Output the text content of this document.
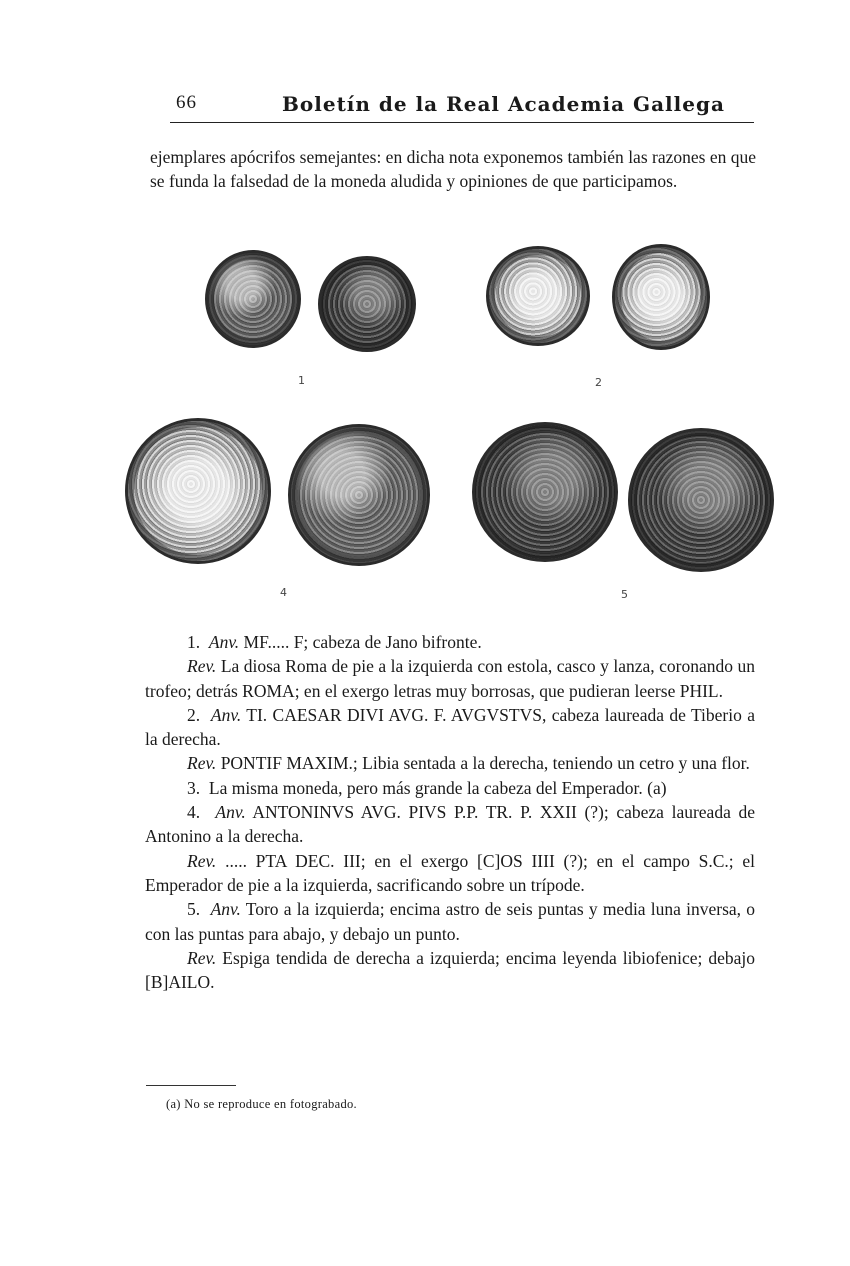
66	Boletín de la Real Academia Gallega

ejemplares apócrifos semejantes: en dicha nota exponemos también las razones en que se funda la falsedad de la moneda aludida y opiniones de que participamos.

1	2
4	5

1. Anv. MF..... F; cabeza de Jano bifronte.

Rev. La diosa Roma de pie a la izquierda con estola, casco y lanza, coronando un trofeo; detrás ROMA; en el exergo letras muy borrosas, que pudieran leerse PHIL.

2. Anv. TI. CAESAR DIVI AVG. F. AVGVSTVS, cabeza laureada de Tiberio a la derecha.

Rev. PONTIF MAXIM.; Libia sentada a la derecha, teniendo un cetro y una flor.

3. La misma moneda, pero más grande la cabeza del Emperador. (a)

4. Anv. ANTONINVS AVG. PIVS P.P. TR. P. XXII (?); cabeza laureada de Antonino a la derecha.

Rev. ..... PTA DEC. III; en el exergo [C]OS IIII (?); en el campo S.C.; el Emperador de pie a la izquierda, sacrificando sobre un trípode.

5. Anv. Toro a la izquierda; encima astro de seis puntas y media luna inversa, o con las puntas para abajo, y debajo un punto.

Rev. Espiga tendida de derecha a izquierda; encima leyenda libiofenice; debajo [B]AILO.

(a) No se reproduce en fotograbado.
